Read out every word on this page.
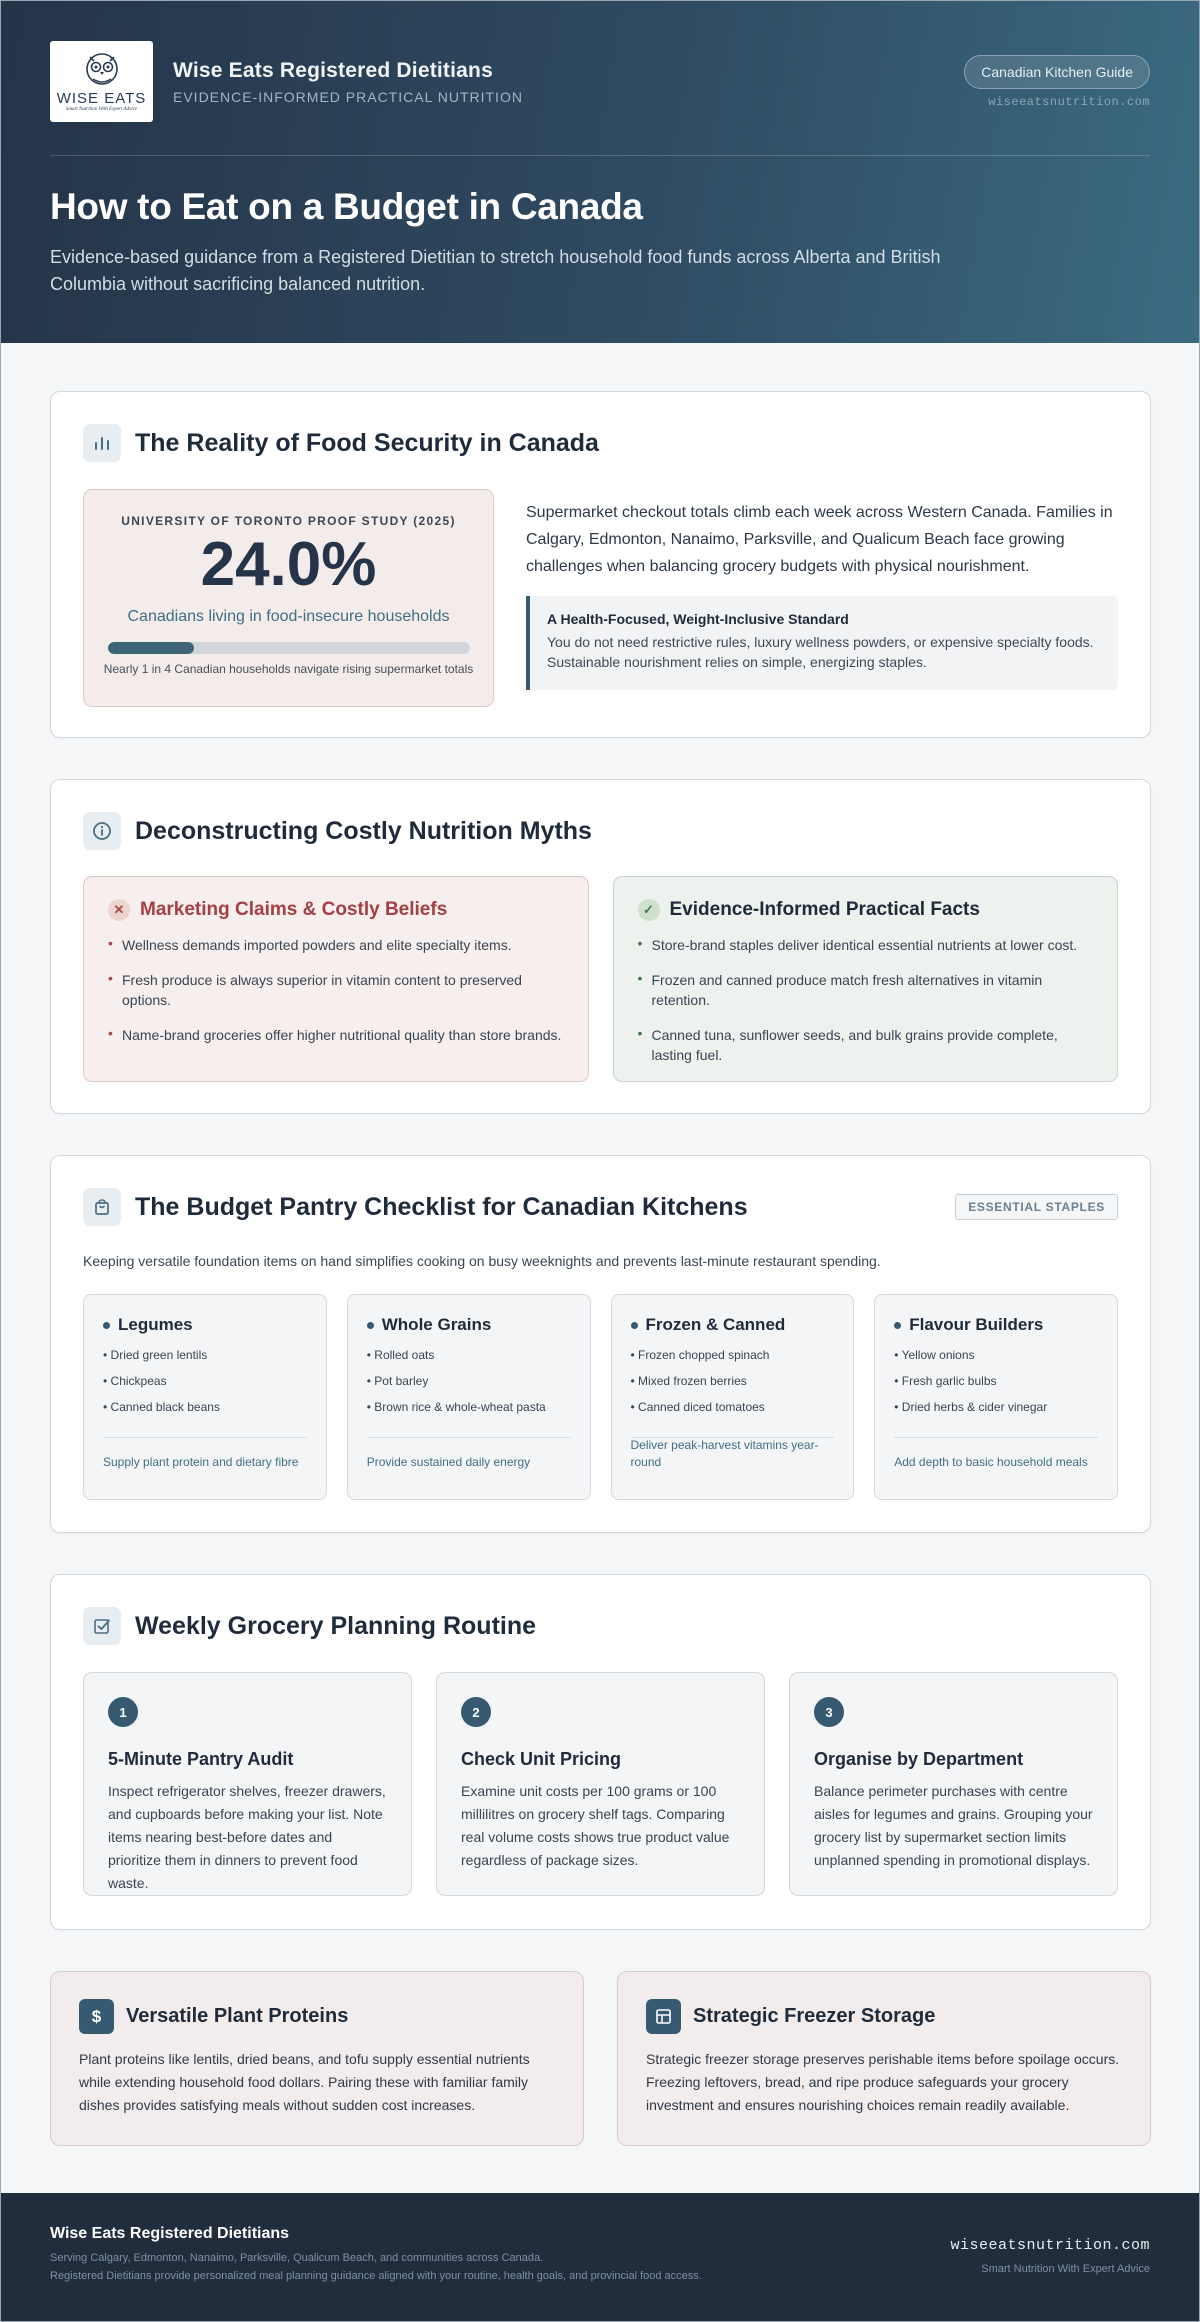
WISE EATS
Smart Nutrition With Expert Advice
Wise Eats Registered Dietitians
EVIDENCE-INFORMED PRACTICAL NUTRITION
Canadian Kitchen Guide
wiseeatsnutrition.com
How to Eat on a Budget in Canada

Evidence-based guidance from a Registered Dietitian to stretch household food funds across Alberta and British Columbia without sacrificing balanced nutrition.

The Reality of Food Security in Canada
UNIVERSITY OF TORONTO PROOF STUDY (2025)
24.0%
Canadians living in food-insecure households
Nearly 1 in 4 Canadian households navigate rising supermarket totals

Supermarket checkout totals climb each week across Western Canada. Families in Calgary, Edmonton, Nanaimo, Parksville, and Qualicum Beach face growing challenges when balancing grocery budgets with physical nourishment.

A Health-Focused, Weight-Inclusive Standard
You do not need restrictive rules, luxury wellness powders, or expensive specialty foods. Sustainable nourishment relies on simple, energizing staples.
Deconstructing Costly Nutrition Myths
✕ Marketing Claims & Costly Beliefs
• Wellness demands imported powders and elite specialty items.
• Fresh produce is always superior in vitamin content to preserved options.
• Name-brand groceries offer higher nutritional quality than store brands.
✓ Evidence-Informed Practical Facts
• Store-brand staples deliver identical essential nutrients at lower cost.
• Frozen and canned produce match fresh alternatives in vitamin retention.
• Canned tuna, sunflower seeds, and bulk grains provide complete, lasting fuel.
The Budget Pantry Checklist for Canadian Kitchens	ESSENTIAL STAPLES

Keeping versatile foundation items on hand simplifies cooking on busy weeknights and prevents last-minute restaurant spending.

Legumes
• Dried green lentils
• Chickpeas
• Canned black beans
Supply plant protein and dietary fibre
Whole Grains
• Rolled oats
• Pot barley
• Brown rice & whole-wheat pasta
Provide sustained daily energy
Frozen & Canned
• Frozen chopped spinach
• Mixed frozen berries
• Canned diced tomatoes
Deliver peak-harvest vitamins year-round
Flavour Builders
• Yellow onions
• Fresh garlic bulbs
• Dried herbs & cider vinegar
Add depth to basic household meals
Weekly Grocery Planning Routine
1
5-Minute Pantry Audit
Inspect refrigerator shelves, freezer drawers, and cupboards before making your list. Note items nearing best-before dates and prioritize them in dinners to prevent food waste.
2
Check Unit Pricing
Examine unit costs per 100 grams or 100 millilitres on grocery shelf tags. Comparing real volume costs shows true product value regardless of package sizes.
3
Organise by Department
Balance perimeter purchases with centre aisles for legumes and grains. Grouping your grocery list by supermarket section limits unplanned spending in promotional displays.
$	Versatile Plant Proteins

Plant proteins like lentils, dried beans, and tofu supply essential nutrients while extending household food dollars. Pairing these with familiar family dishes provides satisfying meals without sudden cost increases.

Strategic Freezer Storage

Strategic freezer storage preserves perishable items before spoilage occurs. Freezing leftovers, bread, and ripe produce safeguards your grocery investment and ensures nourishing choices remain readily available.

Wise Eats Registered Dietitians
Serving Calgary, Edmonton, Nanaimo, Parksville, Qualicum Beach, and communities across Canada.
Registered Dietitians provide personalized meal planning guidance aligned with your routine, health goals, and provincial food access.
wiseeatsnutrition.com
Smart Nutrition With Expert Advice
